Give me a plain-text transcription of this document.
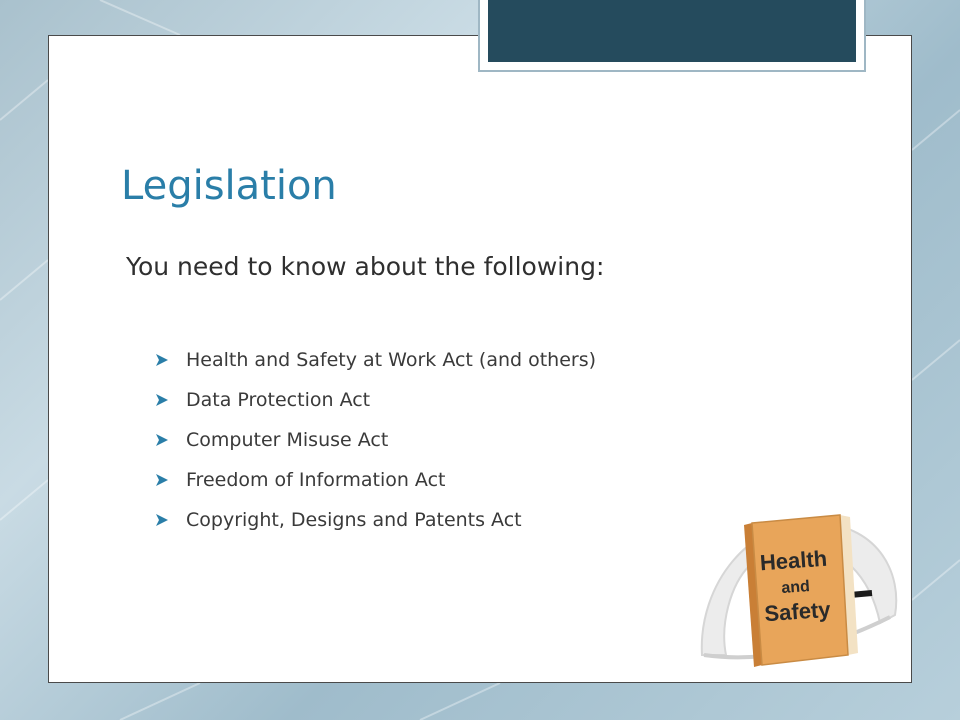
Legislation

You need to know about the following:

Health and Safety at Work Act (and others)
Data Protection Act
Computer Misuse Act
Freedom of Information Act
Copyright, Designs and Patents Act
Health
and
Safety
